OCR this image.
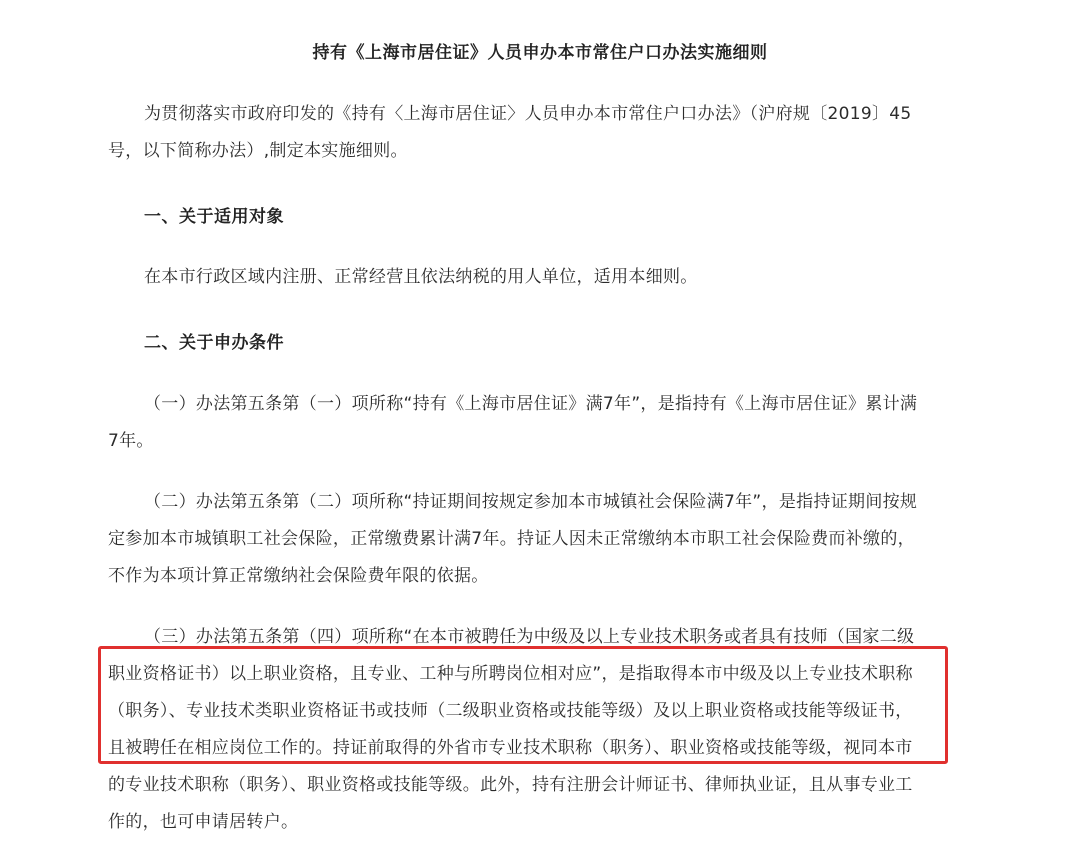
持有《上海市居住证》人员申办本市常住户口办法实施细则
为贯彻落实市政府印发的《持有〈上海市居住证〉人员申办本市常住户口办法》（沪府规〔2019〕45号，以下简称办法）,制定本实施细则。
一、关于适用对象
在本市行政区域内注册、正常经营且依法纳税的用人单位，适用本细则。
二、关于申办条件
（一）办法第五条第（一）项所称“持有《上海市居住证》满7年”，是指持有《上海市居住证》累计满7年。
（二）办法第五条第（二）项所称“持证期间按规定参加本市城镇社会保险满7年”，是指持证期间按规定参加本市城镇职工社会保险，正常缴费累计满7年。持证人因未正常缴纳本市职工社会保险费而补缴的，不作为本项计算正常缴纳社会保险费年限的依据。
（三）办法第五条第（四）项所称“在本市被聘任为中级及以上专业技术职务或者具有技师（国家二级职业资格证书）以上职业资格，且专业、工种与所聘岗位相对应”，是指取得本市中级及以上专业技术职称（职务）、专业技术类职业资格证书或技师（二级职业资格或技能等级）及以上职业资格或技能等级证书，且被聘任在相应岗位工作的。持证前取得的外省市专业技术职称（职务）、职业资格或技能等级，视同本市的专业技术职称（职务）、职业资格或技能等级。此外，持有注册会计师证书、律师执业证，且从事专业工作的，也可申请居转户。
